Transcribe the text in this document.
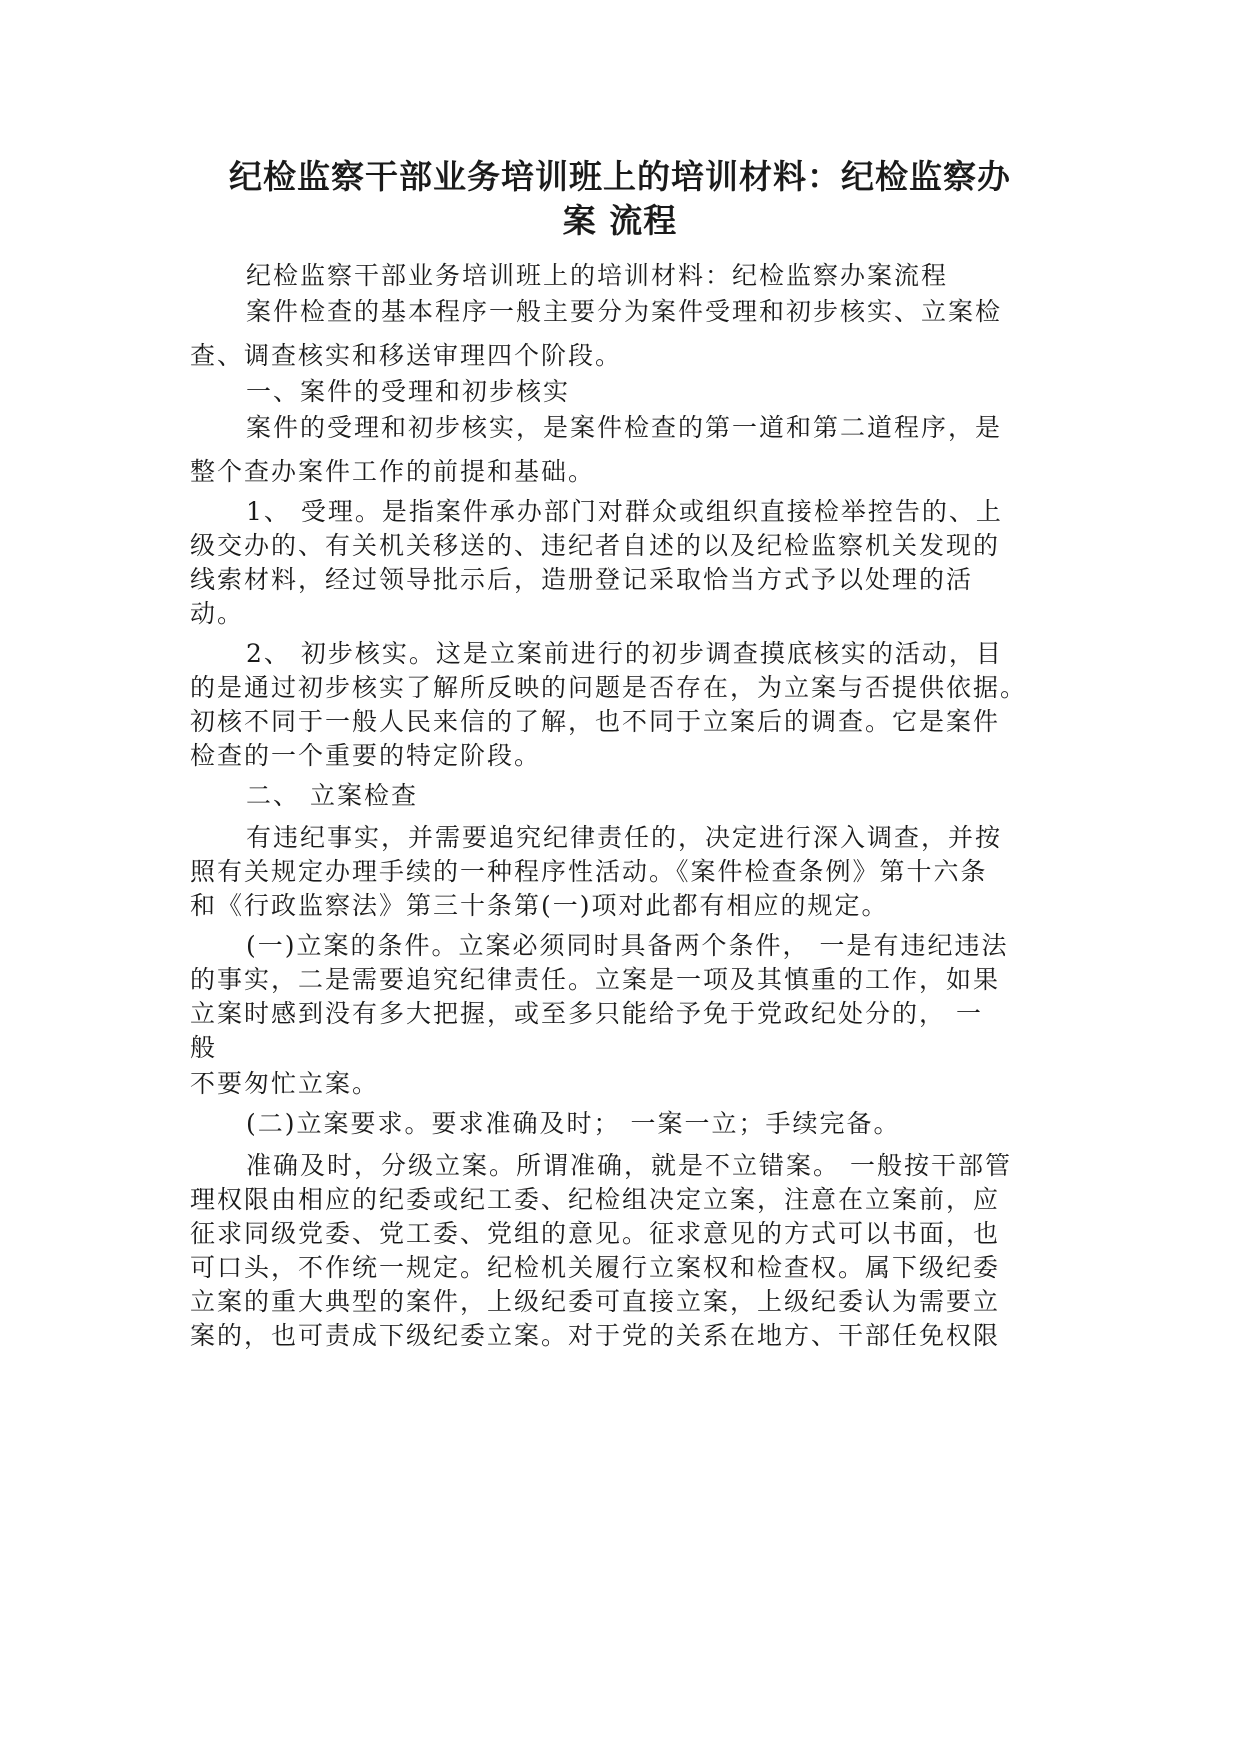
纪检监察干部业务培训班上的培训材料：纪检监察办
案 流程
纪检监察干部业务培训班上的培训材料：纪检监察办案流程
案件检查的基本程序一般主要分为案件受理和初步核实、立案检
查、调查核实和移送审理四个阶段。
一、案件的受理和初步核实
案件的受理和初步核实，是案件检查的第一道和第二道程序，是
整个查办案件工作的前提和基础。
1、 受理。是指案件承办部门对群众或组织直接检举控告的、上
级交办的、有关机关移送的、违纪者自述的以及纪检监察机关发现的
线索材料，经过领导批示后，造册登记采取恰当方式予以处理的活
动。
2、 初步核实。这是立案前进行的初步调查摸底核实的活动，目
的是通过初步核实了解所反映的问题是否存在，为立案与否提供依据。
初核不同于一般人民来信的了解，也不同于立案后的调查。它是案件
检查的一个重要的特定阶段。
二、 立案检查
有违纪事实，并需要追究纪律责任的，决定进行深入调查，并按
照有关规定办理手续的一种程序性活动。《案件检查条例》第十六条
和《行政监察法》第三十条第(一)项对此都有相应的规定。
(一)立案的条件。立案必须同时具备两个条件， 一是有违纪违法
的事实，二是需要追究纪律责任。立案是一项及其慎重的工作，如果
立案时感到没有多大把握，或至多只能给予免于党政纪处分的， 一
般
不要匆忙立案。
(二)立案要求。要求准确及时； 一案一立；手续完备。
准确及时，分级立案。所谓准确，就是不立错案。 一般按干部管
理权限由相应的纪委或纪工委、纪检组决定立案，注意在立案前，应
征求同级党委、党工委、党组的意见。征求意见的方式可以书面，也
可口头，不作统一规定。纪检机关履行立案权和检查权。属下级纪委
立案的重大典型的案件，上级纪委可直接立案，上级纪委认为需要立
案的，也可责成下级纪委立案。对于党的关系在地方、干部任免权限
